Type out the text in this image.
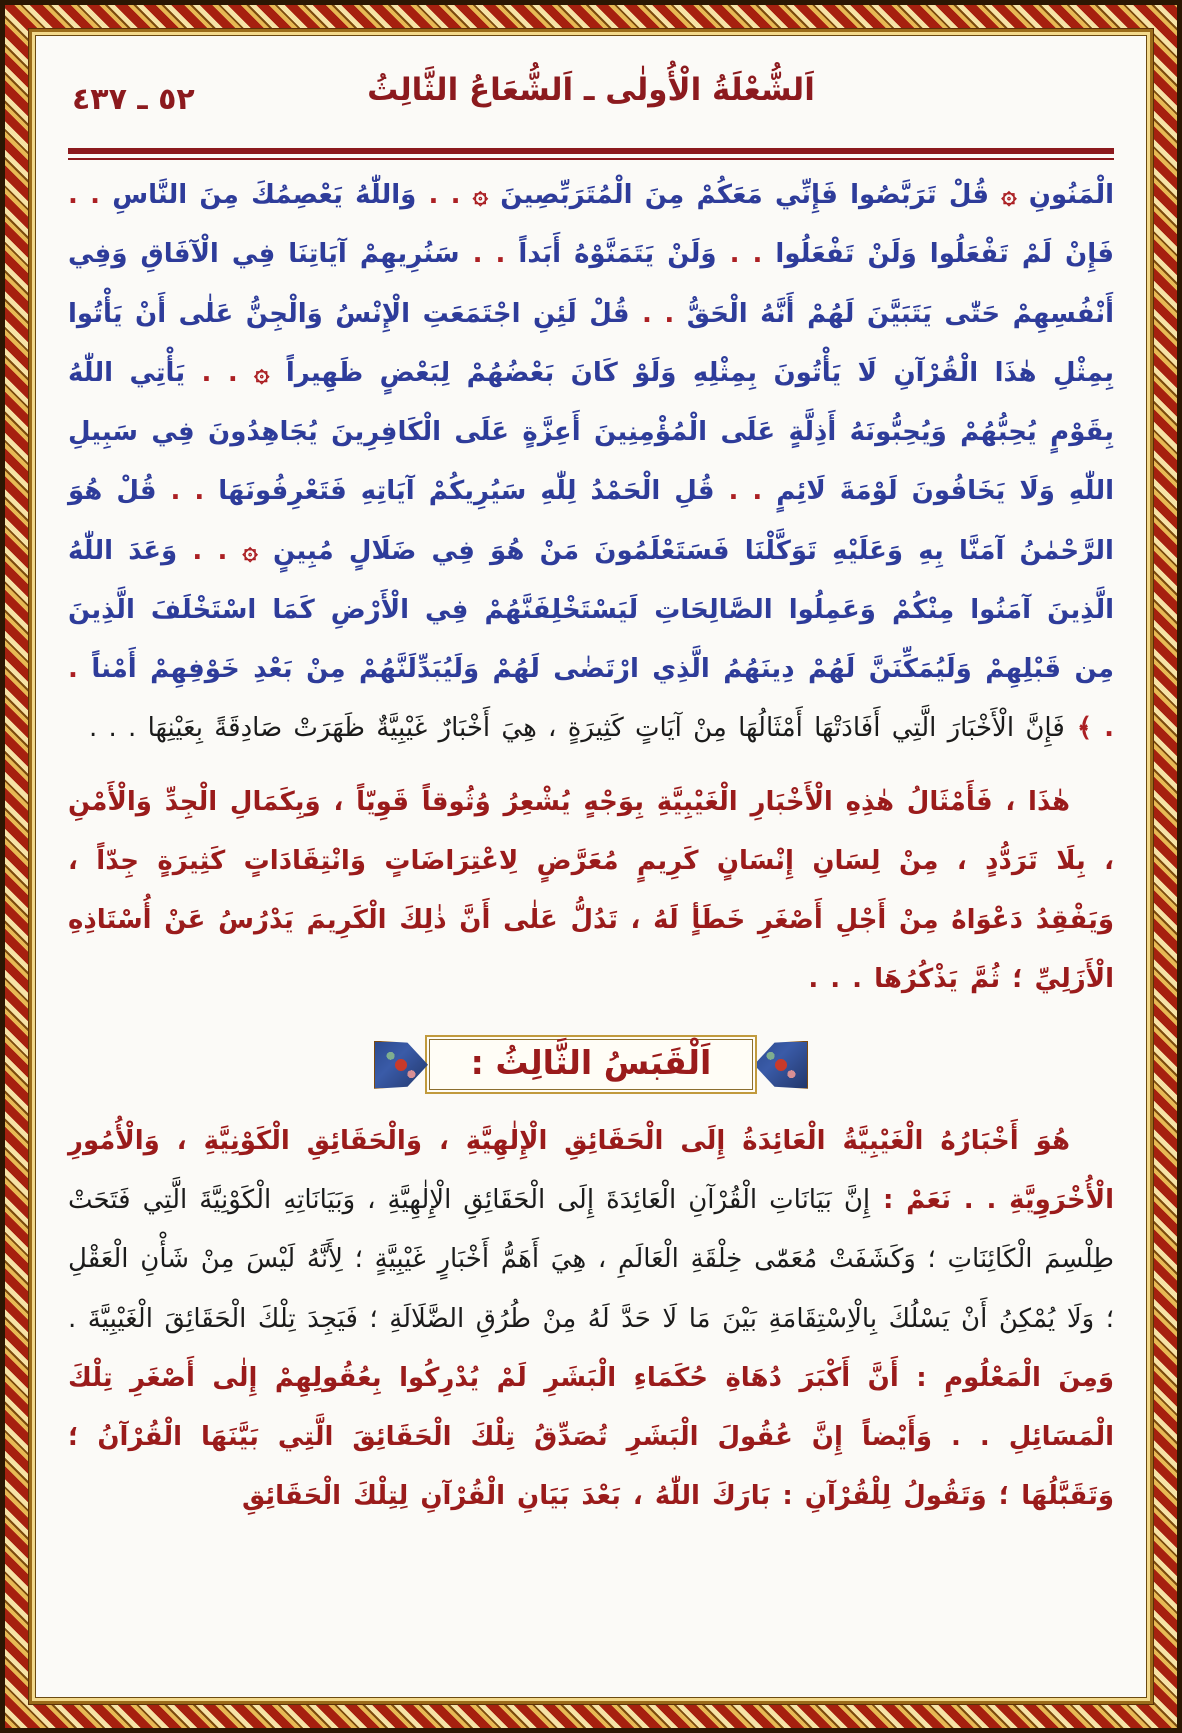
٥٢ ـ ٤٣٧	اَلشُّعْلَةُ الْأُولٰى ـ اَلشُّعَاعُ الثَّالِثُ
الْمَنُونِ ۞ قُلْ تَرَبَّصُوا فَإِنِّي مَعَكُمْ مِنَ الْمُتَرَبِّصِينَ ۞ . . وَاللّٰهُ يَعْصِمُكَ مِنَ النَّاسِ . . فَإِنْ لَمْ تَفْعَلُوا وَلَنْ تَفْعَلُوا . . وَلَنْ يَتَمَنَّوْهُ أَبَداً . . سَنُرِيهِمْ آيَاتِنَا فِي الْآفَاقِ وَفِي أَنْفُسِهِمْ حَتّٰى يَتَبَيَّنَ لَهُمْ أَنَّهُ الْحَقُّ . . قُلْ لَئِنِ اجْتَمَعَتِ الْإِنْسُ وَالْجِنُّ عَلٰى أَنْ يَأْتُوا بِمِثْلِ هٰذَا الْقُرْآنِ لَا يَأْتُونَ بِمِثْلِهِ وَلَوْ كَانَ بَعْضُهُمْ لِبَعْضٍ ظَهِيراً ۞ . . يَأْتِي اللّٰهُ بِقَوْمٍ يُحِبُّهُمْ وَيُحِبُّونَهُ أَذِلَّةٍ عَلَى الْمُؤْمِنِينَ أَعِزَّةٍ عَلَى الْكَافِرِينَ يُجَاهِدُونَ فِي سَبِيلِ اللّٰهِ وَلَا يَخَافُونَ لَوْمَةَ لَائِمٍ . . قُلِ الْحَمْدُ لِلّٰهِ سَيُرِيكُمْ آيَاتِهِ فَتَعْرِفُونَهَا . . قُلْ هُوَ الرَّحْمٰنُ آمَنَّا بِهِ وَعَلَيْهِ تَوَكَّلْنَا فَسَتَعْلَمُونَ مَنْ هُوَ فِي ضَلَالٍ مُبِينٍ ۞ . . وَعَدَ اللّٰهُ الَّذِينَ آمَنُوا مِنْكُمْ وَعَمِلُوا الصَّالِحَاتِ لَيَسْتَخْلِفَنَّهُمْ فِي الْأَرْضِ كَمَا اسْتَخْلَفَ الَّذِينَ مِن قَبْلِهِمْ وَلَيُمَكِّنَنَّ لَهُمْ دِينَهُمُ الَّذِي ارْتَضٰى لَهُمْ وَلَيُبَدِّلَنَّهُمْ مِنْ بَعْدِ خَوْفِهِمْ أَمْناً . . ﴾ فَإِنَّ الْأَخْبَارَ الَّتِي أَفَادَتْهَا أَمْثَالُهَا مِنْ آيَاتٍ كَثِيرَةٍ ، هِيَ أَخْبَارٌ غَيْبِيَّةٌ ظَهَرَتْ صَادِقَةً بِعَيْنِهَا . . .
هٰذَا ، فَأَمْثَالُ هٰذِهِ الْأَخْبَارِ الْغَيْبِيَّةِ بِوَجْهٍ يُشْعِرُ وُثُوقاً قَوِيّاً ، وَبِكَمَالِ الْجِدِّ وَالْأَمْنِ ، بِلَا تَرَدُّدٍ ، مِنْ لِسَانِ إِنْسَانٍ كَرِيمٍ مُعَرَّضٍ لِاعْتِرَاضَاتٍ وَانْتِقَادَاتٍ كَثِيرَةٍ جِدّاً ، وَيَفْقِدُ دَعْوَاهُ مِنْ أَجْلِ أَصْغَرِ خَطَأٍ لَهُ ، تَدُلُّ عَلٰى أَنَّ ذٰلِكَ الْكَرِيمَ يَدْرُسُ عَنْ أُسْتَاذِهِ الْأَزَلِيِّ ؛ ثُمَّ يَذْكُرُهَا . . .
اَلْقَبَسُ الثَّالِثُ :
هُوَ أَخْبَارُهُ الْغَيْبِيَّةُ الْعَائِدَةُ إِلَى الْحَقَائِقِ الْإِلٰهِيَّةِ ، وَالْحَقَائِقِ الْكَوْنِيَّةِ ، وَالْأُمُورِ الْأُخْرَوِيَّةِ . . نَعَمْ : إِنَّ بَيَانَاتِ الْقُرْآنِ الْعَائِدَةَ إِلَى الْحَقَائِقِ الْإِلٰهِيَّةِ ، وَبَيَانَاتِهِ الْكَوْنِيَّةَ الَّتِي فَتَحَتْ طِلْسِمَ الْكَائِنَاتِ ؛ وَكَشَفَتْ مُعَمّٰى خِلْقَةِ الْعَالَمِ ، هِيَ أَهَمُّ أَخْبَارٍ غَيْبِيَّةٍ ؛ لِأَنَّهُ لَيْسَ مِنْ شَأْنِ الْعَقْلِ ؛ وَلَا يُمْكِنُ أَنْ يَسْلُكَ بِالْاِسْتِقَامَةِ بَيْنَ مَا لَا حَدَّ لَهُ مِنْ طُرُقِ الضَّلَالَةِ ؛ فَيَجِدَ تِلْكَ الْحَقَائِقَ الْغَيْبِيَّةَ . وَمِنَ الْمَعْلُومِ : أَنَّ أَكْبَرَ دُهَاةِ حُكَمَاءِ الْبَشَرِ لَمْ يُدْرِكُوا بِعُقُولِهِمْ إِلٰى أَصْغَرِ تِلْكَ الْمَسَائِلِ . . وَأَيْضاً إِنَّ عُقُولَ الْبَشَرِ تُصَدِّقُ تِلْكَ الْحَقَائِقَ الَّتِي بَيَّنَهَا الْقُرْآنُ ؛ وَتَقَبَّلُهَا ؛ وَتَقُولُ لِلْقُرْآنِ : بَارَكَ اللّٰهُ ، بَعْدَ بَيَانِ الْقُرْآنِ لِتِلْكَ الْحَقَائِقِ
